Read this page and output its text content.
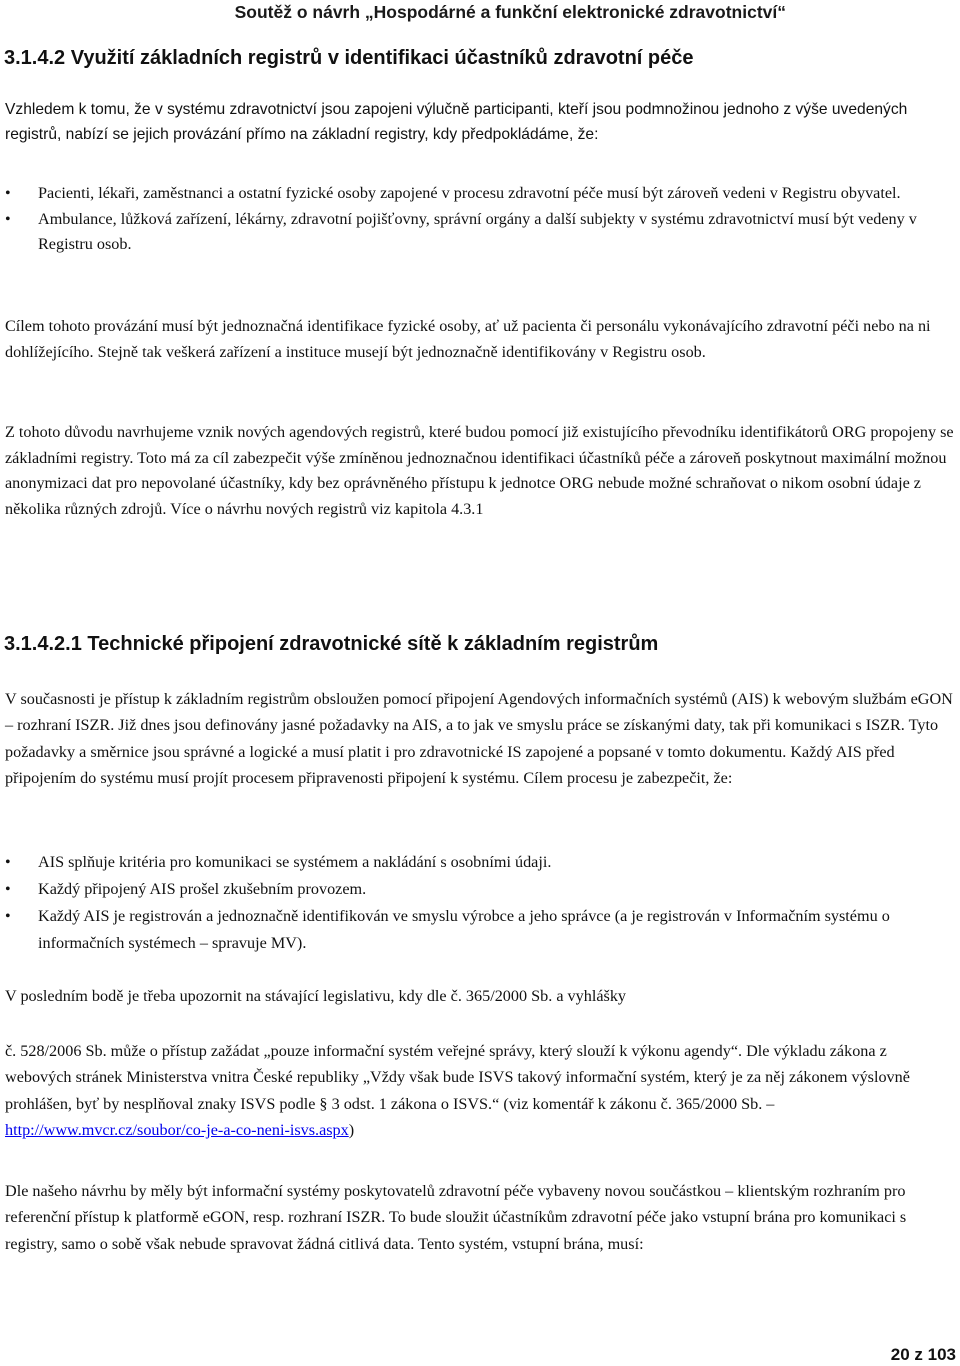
Soutěž o návrh „Hospodárné a funkční elektronické zdravotnictví“
3.1.4.2 Využití základních registrů v identifikaci účastníků zdravotní péče

Vzhledem k tomu, že v systému zdravotnictví jsou zapojeni výlučně participanti, kteří jsou podmnožinou jednoho z výše uvedených registrů, nabízí se jejich provázání přímo na základní registry, kdy předpokládáme, že:

• Pacienti, lékaři, zaměstnanci a ostatní fyzické osoby zapojené v procesu zdravotní péče musí být zároveň vedeni v Registru obyvatel.
• Ambulance, lůžková zařízení, lékárny, zdravotní pojišťovny, správní orgány a další subjekty v systému zdravotnictví musí být vedeny v Registru osob.

Cílem tohoto provázání musí být jednoznačná identifikace fyzické osoby, ať už pacienta či personálu vykonávajícího zdravotní péči nebo na ni dohlížejícího. Stejně tak veškerá zařízení a instituce musejí být jednoznačně identifikovány v Registru osob.

Z tohoto důvodu navrhujeme vznik nových agendových registrů, které budou pomocí již existujícího převodníku identifikátorů ORG propojeny se základními registry. Toto má za cíl zabezpečit výše zmíněnou jednoznačnou identifikaci účastníků péče a zároveň poskytnout maximální možnou anonymizaci dat pro nepovolané účastníky, kdy bez oprávněného přístupu k jednotce ORG nebude možné schraňovat o nikom osobní údaje z několika různých zdrojů. Více o návrhu nových registrů viz kapitola 4.3.1

3.1.4.2.1 Technické připojení zdravotnické sítě k základním registrům

V současnosti je přístup k základním registrům obsloužen pomocí připojení Agendových informačních systémů (AIS) k webovým službám eGON – rozhraní ISZR. Již dnes jsou definovány jasné požadavky na AIS, a to jak ve smyslu práce se získanými daty, tak při komunikaci s ISZR. Tyto požadavky a směrnice jsou správné a logické a musí platit i pro zdravotnické IS zapojené a popsané v tomto dokumentu. Každý AIS před připojením do systému musí projít procesem připravenosti připojení k systému. Cílem procesu je zabezpečit, že:

• AIS splňuje kritéria pro komunikaci se systémem a nakládání s osobními údaji.
• Každý připojený AIS prošel zkušebním provozem.
• Každý AIS je registrován a jednoznačně identifikován ve smyslu výrobce a jeho správce (a je registrován v Informačním systému o informačních systémech – spravuje MV).

V posledním bodě je třeba upozornit na stávající legislativu, kdy dle č. 365/2000 Sb. a vyhlášky

č. 528/2006 Sb. může o přístup zažádat „pouze informační systém veřejné správy, který slouží k výkonu agendy“. Dle výkladu zákona z webových stránek Ministerstva vnitra České republiky „Vždy však bude ISVS takový informační systém, který je za něj zákonem výslovně prohlášen, byť by nesplňoval znaky ISVS podle § 3 odst. 1 zákona o ISVS.“ (viz komentář k zákonu č. 365/2000 Sb. – http://www.mvcr.cz/soubor/co-je-a-co-neni-isvs.aspx)

Dle našeho návrhu by měly být informační systémy poskytovatelů zdravotní péče vybaveny novou součástkou – klientským rozhraním pro referenční přístup k platformě eGON, resp. rozhraní ISZR. To bude sloužit účastníkům zdravotní péče jako vstupní brána pro komunikaci s registry, samo o sobě však nebude spravovat žádná citlivá data. Tento systém, vstupní brána, musí:

20 z 103
